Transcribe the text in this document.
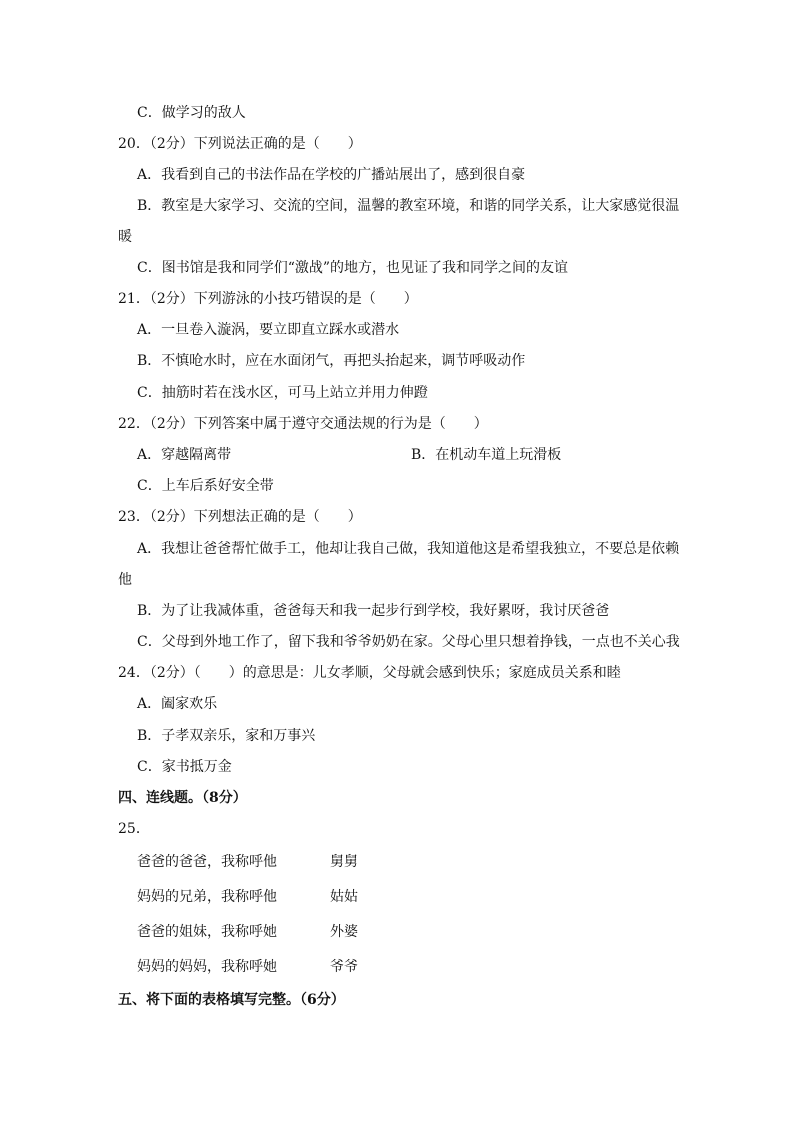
C．做学习的敌人
20．（2分）下列说法正确的是（　　）
A．我看到自己的书法作品在学校的广播站展出了，感到很自豪
B．教室是大家学习、交流的空间，温馨的教室环境，和谐的同学关系，让大家感觉很温
暖
C．图书馆是我和同学们“激战”的地方，也见证了我和同学之间的友谊
21．（2分）下列游泳的小技巧错误的是（　　）
A．一旦卷入漩涡，要立即直立踩水或潜水
B．不慎呛水时，应在水面闭气，再把头抬起来，调节呼吸动作
C．抽筋时若在浅水区，可马上站立并用力伸蹬
22．（2分）下列答案中属于遵守交通法规的行为是（　　）
A．穿越隔离带	B．在机动车道上玩滑板
C．上车后系好安全带
23．（2分）下列想法正确的是（　　）
A．我想让爸爸帮忙做手工，他却让我自己做，我知道他这是希望我独立，不要总是依赖
他
B．为了让我减体重，爸爸每天和我一起步行到学校，我好累呀，我讨厌爸爸
C．父母到外地工作了，留下我和爷爷奶奶在家。父母心里只想着挣钱，一点也不关心我
24．（2分）（　　）的意思是：儿女孝顺，父母就会感到快乐；家庭成员关系和睦
A．阖家欢乐
B．子孝双亲乐，家和万事兴
C．家书抵万金
四、连线题。（8分）
25．
爸爸的爸爸，我称呼他	舅舅
妈妈的兄弟，我称呼他	姑姑
爸爸的姐妹，我称呼她	外婆
妈妈的妈妈，我称呼她	爷爷
五、将下面的表格填写完整。（6分）
